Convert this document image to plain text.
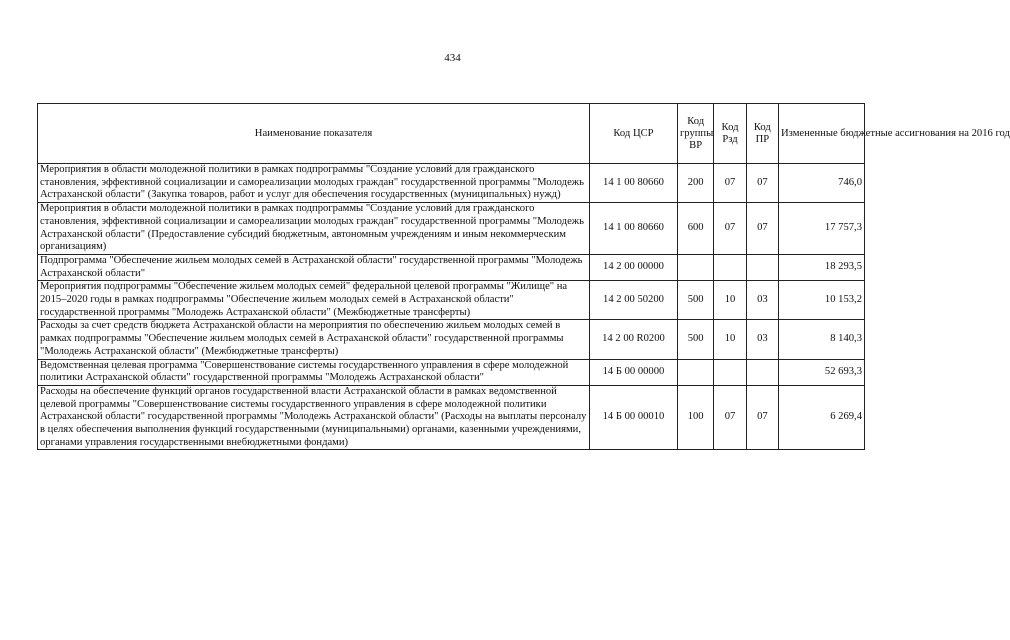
434
Наименование показателя	Код ЦСР	Код группы ВР	Код Рзд	Код ПР	Измененные бюджетные ассигнования на 2016 год
Мероприятия в области молодежной политики в рамках подпрограммы "Создание условий для гражданского становления, эффективной социализации и самореализации молодых граждан" государственной программы "Молодежь Астраханской области" (Закупка товаров, работ и услуг для обеспечения государственных (муниципальных) нужд)	14 1 00 80660	200	07	07	746,0
Мероприятия в области молодежной политики в рамках подпрограммы "Создание условий для гражданского становления, эффективной социализации и самореализации молодых граждан" государственной программы "Молодежь Астраханской области" (Предоставление субсидий бюджетным, автономным учреждениям и иным некоммерческим организациям)	14 1 00 80660	600	07	07	17 757,3
Подпрограмма "Обеспечение жильем молодых семей в Астраханской области" государственной программы "Молодежь Астраханской области"	14 2 00 00000				18 293,5
Мероприятия подпрограммы "Обеспечение жильем молодых семей" федеральной целевой программы "Жилище" на 2015–2020 годы в рамках подпрограммы "Обеспечение жильем молодых семей в Астраханской области" государственной программы "Молодежь Астраханской области" (Межбюджетные трансферты)	14 2 00 50200	500	10	03	10 153,2
Расходы за счет средств бюджета Астраханской области на мероприятия по обеспечению жильем молодых семей в рамках подпрограммы "Обеспечение жильем молодых семей в Астраханской области" государственной программы "Молодежь Астраханской области" (Межбюджетные трансферты)	14 2 00 R0200	500	10	03	8 140,3
Ведомственная целевая программа "Совершенствование системы государственного управления в сфере молодежной политики Астраханской области" государственной программы "Молодежь Астраханской области"	14 Б 00 00000				52 693,3
Расходы на обеспечение функций органов государственной власти Астраханской области в рамках ведомственной целевой программы "Совершенствование системы государственного управления в сфере молодежной политики Астраханской области" государственной программы "Молодежь Астраханской области" (Расходы на выплаты персоналу в целях обеспечения выполнения функций государственными (муниципальными) органами, казенными учреждениями, органами управления государственными внебюджетными фондами)	14 Б 00 00010	100	07	07	6 269,4
